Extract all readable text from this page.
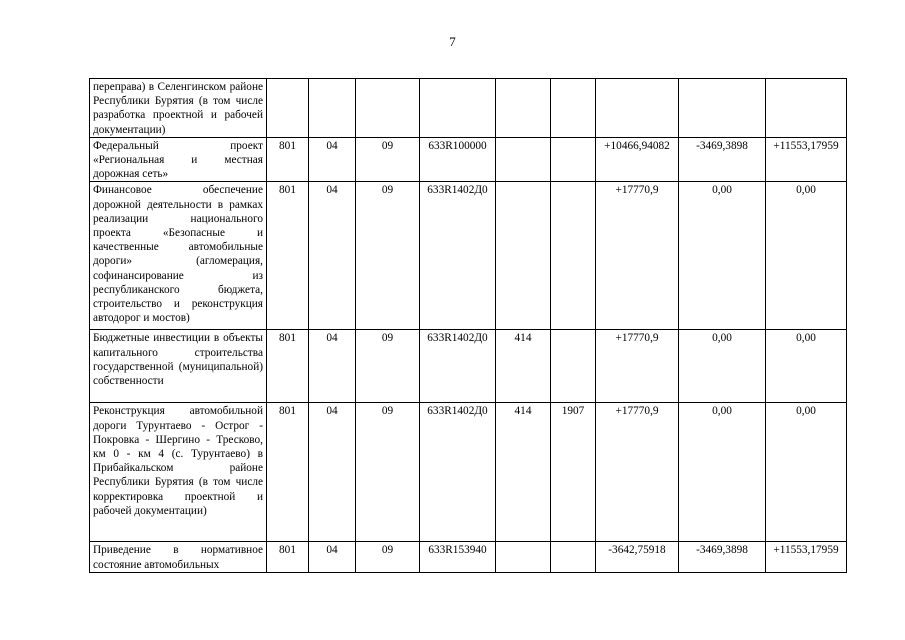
7
переправа) в Селенгинском районе Республики Бурятия (в том числе разработка проектной и рабочей документации)									
Федеральный проект «Региональная и местная дорожная сеть»	801	04	09	633R100000			+10466,94082	-3469,3898	+11553,17959
Финансовое обеспечение дорожной деятельности в рамках реализации национального проекта «Безопасные и качественные автомобильные дороги» (агломерация, софинансирование из республиканского бюджета, строительство и реконструкция автодорог и мостов)	801	04	09	633R1402Д0			+17770,9	0,00	0,00
Бюджетные инвестиции в объекты капитального строительства государственной (муниципальной) собственности	801	04	09	633R1402Д0	414		+17770,9	0,00	0,00
Реконструкция автомобильной дороги Турунтаево - Острог - Покровка - Шергино - Тресково, км 0 - км 4 (с. Турунтаево) в Прибайкальском районе Республики Бурятия (в том числе корректировка проектной и рабочей документации)	801	04	09	633R1402Д0	414	1907	+17770,9	0,00	0,00
Приведение в нормативное состояние автомобильных	801	04	09	633R153940			-3642,75918	-3469,3898	+11553,17959
